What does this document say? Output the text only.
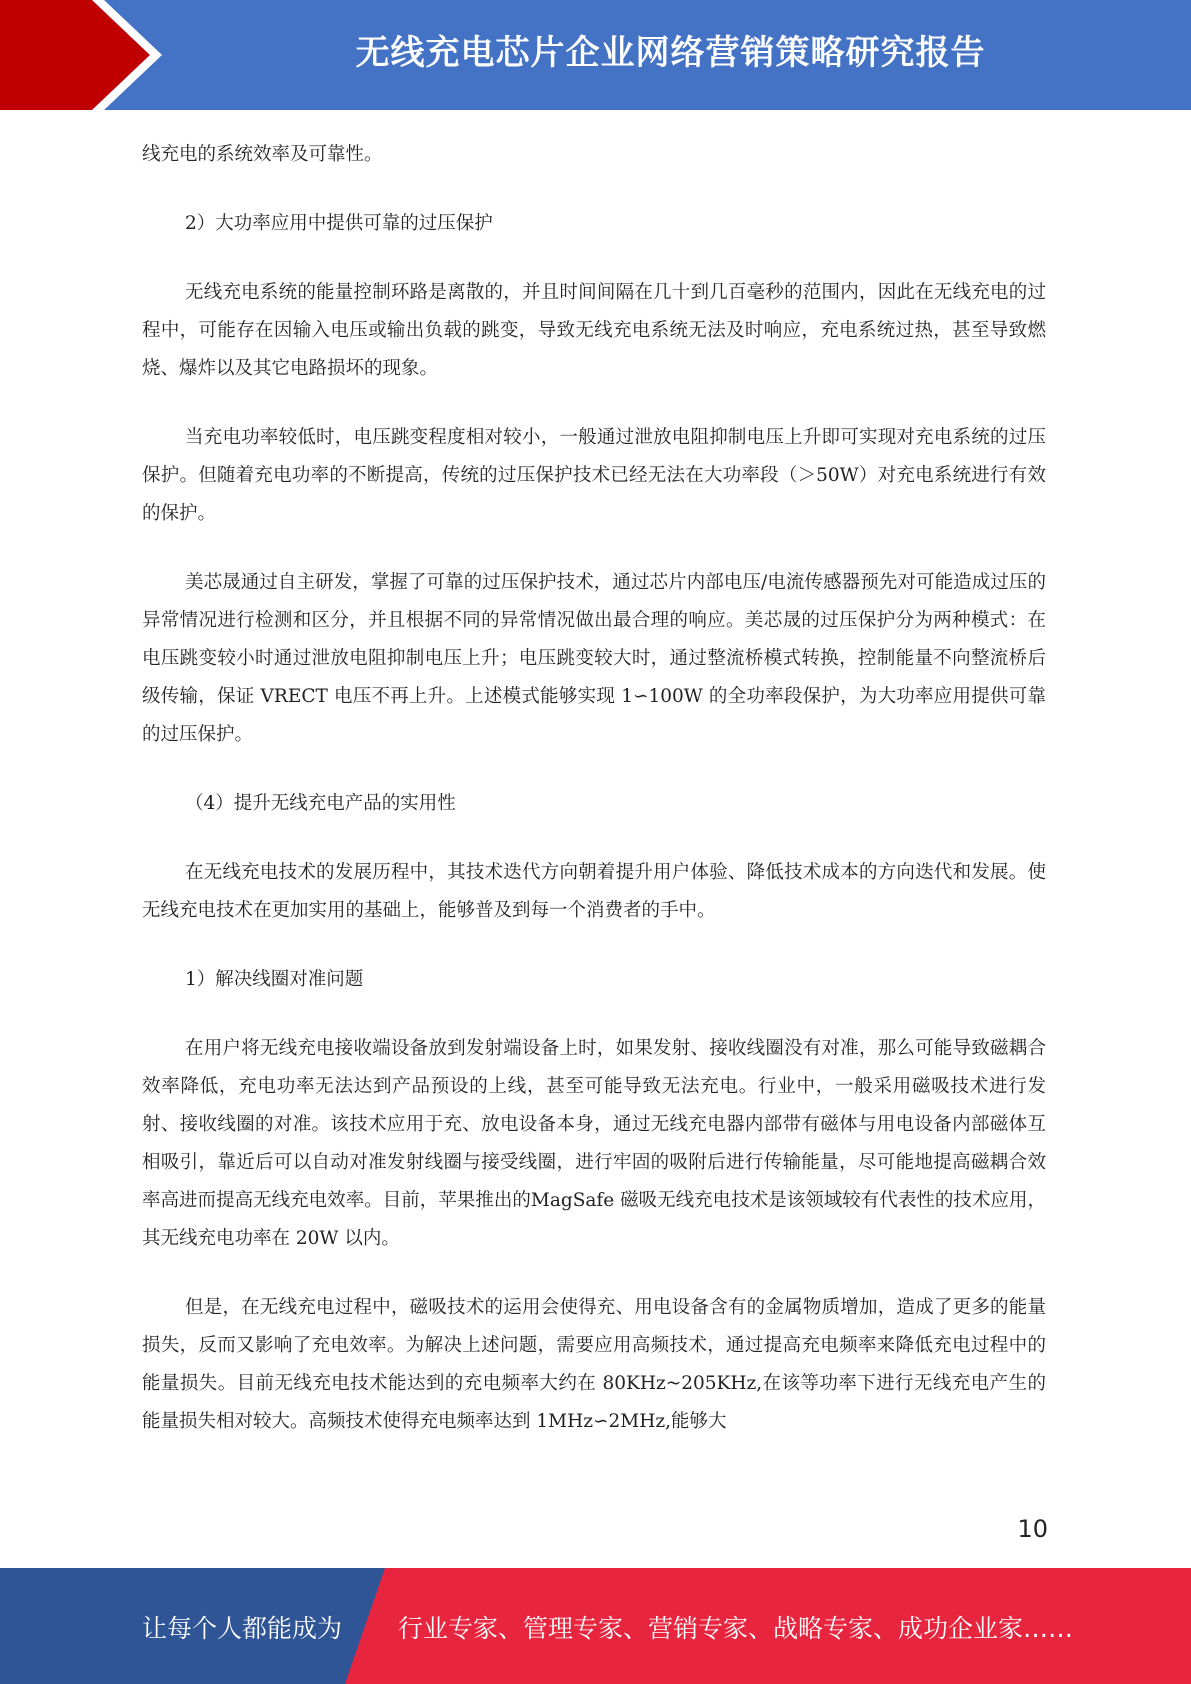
无线充电芯片企业网络营销策略研究报告

线充电的系统效率及可靠性。

2）大功率应用中提供可靠的过压保护

无线充电系统的能量控制环路是离散的，并且时间间隔在几十到几百毫秒的范围内，因此在无线充电的过程中，可能存在因输入电压或输出负载的跳变，导致无线充电系统无法及时响应，充电系统过热，甚至导致燃烧、爆炸以及其它电路损坏的现象。

当充电功率较低时，电压跳变程度相对较小，一般通过泄放电阻抑制电压上升即可实现对充电系统的过压保护。但随着充电功率的不断提高，传统的过压保护技术已经无法在大功率段（＞50W）对充电系统进行有效的保护。

美芯晟通过自主研发，掌握了可靠的过压保护技术，通过芯片内部电压/电流传感器预先对可能造成过压的异常情况进行检测和区分，并且根据不同的异常情况做出最合理的响应。美芯晟的过压保护分为两种模式：在电压跳变较小时通过泄放电阻抑制电压上升；电压跳变较大时，通过整流桥模式转换，控制能量不向整流桥后级传输，保证 VRECT 电压不再上升。上述模式能够实现 1∽100W 的全功率段保护，为大功率应用提供可靠的过压保护。

（4）提升无线充电产品的实用性

在无线充电技术的发展历程中，其技术迭代方向朝着提升用户体验、降低技术成本的方向迭代和发展。使无线充电技术在更加实用的基础上，能够普及到每一个消费者的手中。

1）解决线圈对准问题

在用户将无线充电接收端设备放到发射端设备上时，如果发射、接收线圈没有对准，那么可能导致磁耦合效率降低，充电功率无法达到产品预设的上线，甚至可能导致无法充电。行业中，一般采用磁吸技术进行发射、接收线圈的对准。该技术应用于充、放电设备本身，通过无线充电器内部带有磁体与用电设备内部磁体互相吸引，靠近后可以自动对准发射线圈与接受线圈，进行牢固的吸附后进行传输能量，尽可能地提高磁耦合效率高进而提高无线充电效率。目前，苹果推出的MagSafe 磁吸无线充电技术是该领域较有代表性的技术应用，其无线充电功率在 20W 以内。

但是，在无线充电过程中，磁吸技术的运用会使得充、用电设备含有的金属物质增加，造成了更多的能量损失，反而又影响了充电效率。为解决上述问题，需要应用高频技术，通过提高充电频率来降低充电过程中的能量损失。目前无线充电技术能达到的充电频率大约在 80KHz~205KHz,在该等功率下进行无线充电产生的能量损失相对较大。高频技术使得充电频率达到 1MHz∽2MHz,能够大

10
让每个人都能成为 行业专家、管理专家、营销专家、战略专家、成功企业家……
